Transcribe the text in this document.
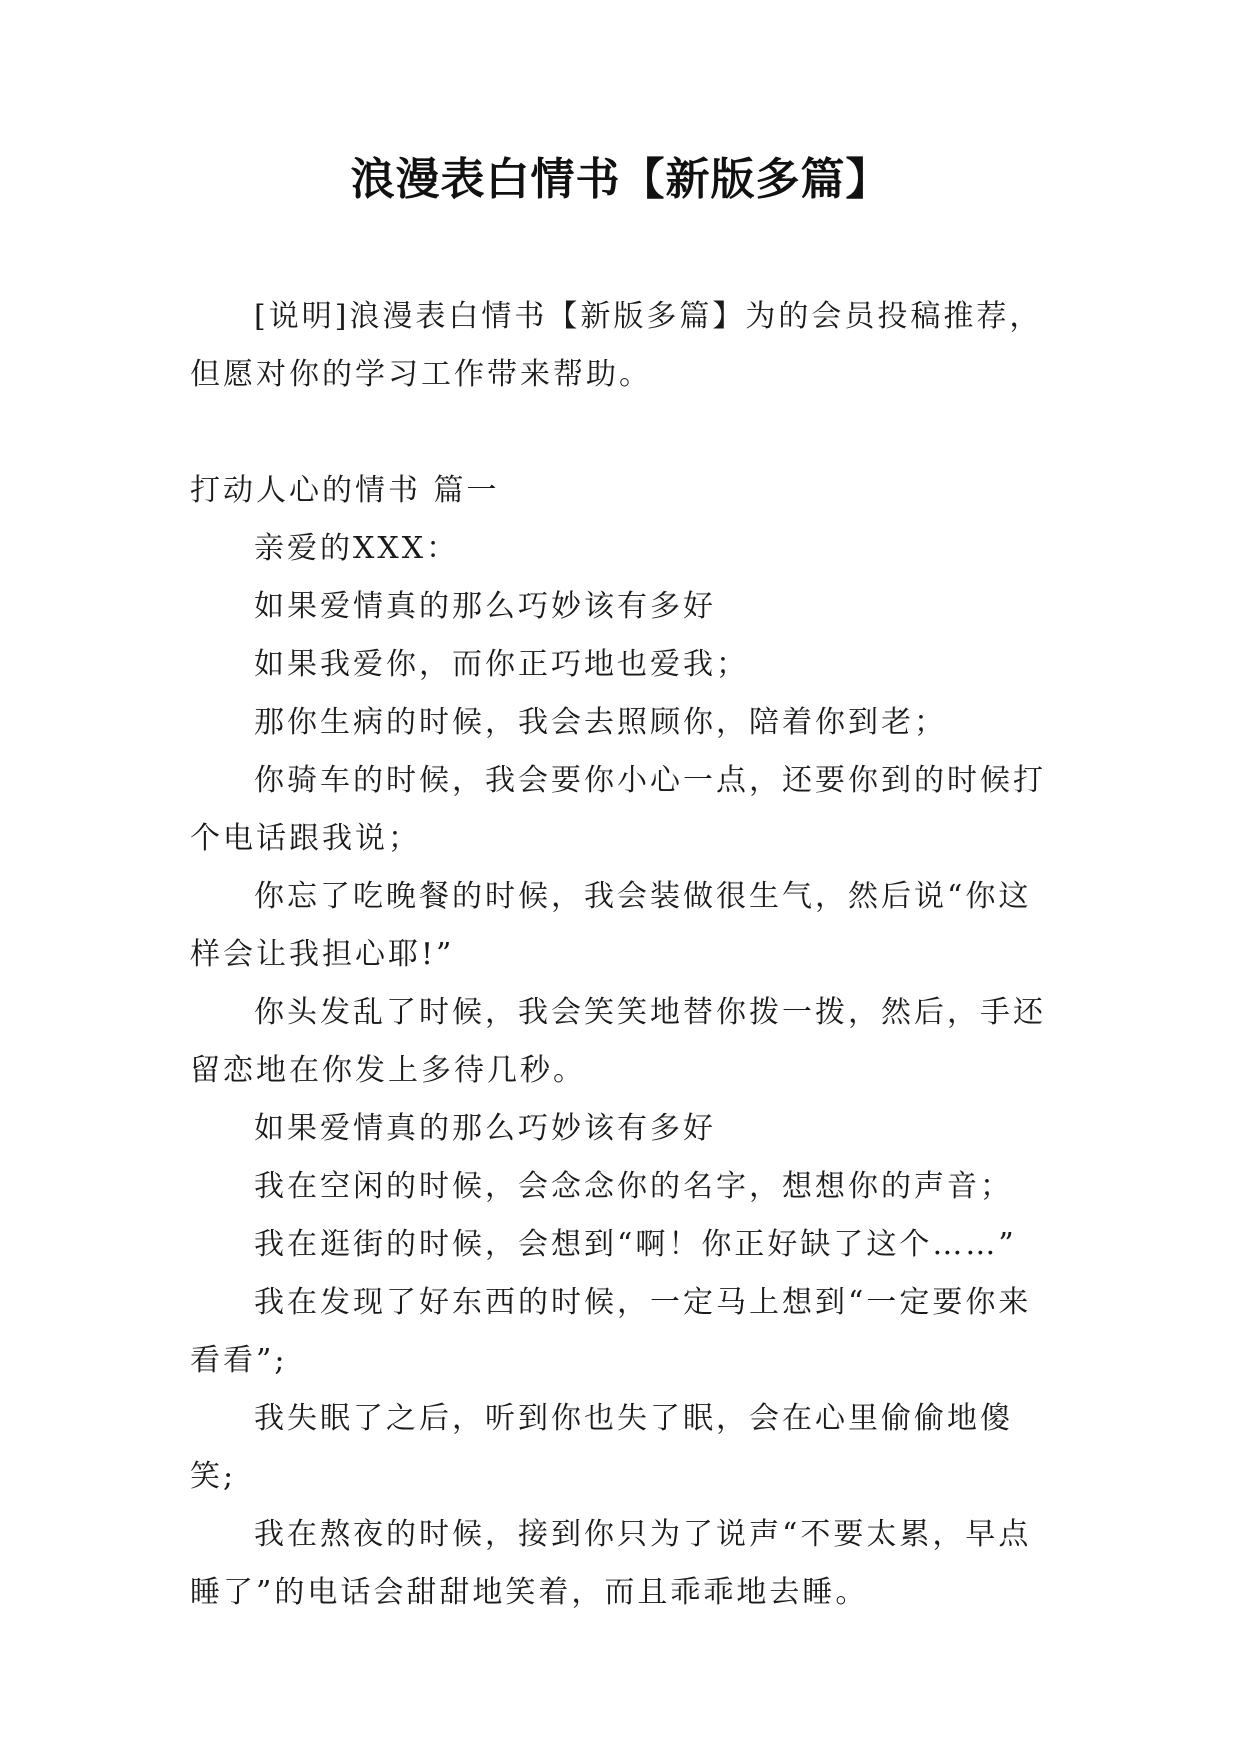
浪漫表白情书【新版多篇】

[说明]浪漫表白情书【新版多篇】为的会员投稿推荐，但愿对你的学习工作带来帮助。

打动人心的情书 篇一

亲爱的XXX：

如果爱情真的那么巧妙该有多好

如果我爱你，而你正巧地也爱我；

那你生病的时候，我会去照顾你，陪着你到老；

你骑车的时候，我会要你小心一点，还要你到的时候打个电话跟我说；

你忘了吃晚餐的时候，我会装做很生气，然后说“你这样会让我担心耶!”

你头发乱了时候，我会笑笑地替你拨一拨，然后，手还留恋地在你发上多待几秒。

如果爱情真的那么巧妙该有多好

我在空闲的时候，会念念你的名字，想想你的声音；

我在逛街的时候，会想到“啊！你正好缺了这个……”

我在发现了好东西的时候，一定马上想到“一定要你来看看”;

我失眠了之后，听到你也失了眠，会在心里偷偷地傻笑;

我在熬夜的时候，接到你只为了说声“不要太累，早点睡了”的电话会甜甜地笑着，而且乖乖地去睡。
